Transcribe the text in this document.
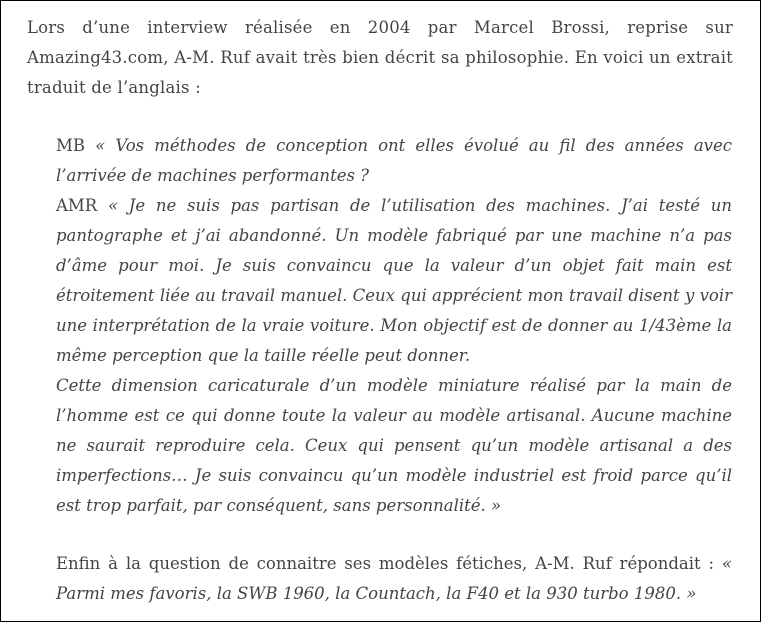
Lors d’une interview réalisée en 2004 par Marcel Brossi, reprise sur Amazing43.com, A-M. Ruf avait très bien décrit sa philosophie. En voici un extrait traduit de l’anglais :

MB « Vos méthodes de conception ont elles évolué au fil des années avec l’arrivée de machines performantes ?

AMR « Je ne suis pas partisan de l’utilisation des machines. J’ai testé un pantographe et j’ai abandonné. Un modèle fabriqué par une machine n’a pas d’âme pour moi. Je suis convaincu que la valeur d’un objet fait main est étroitement liée au travail manuel. Ceux qui apprécient mon travail disent y voir une interprétation de la vraie voiture. Mon objectif est de donner au 1/43ème la même perception que la taille réelle peut donner.

Cette dimension caricaturale d’un modèle miniature réalisé par la main de l’homme est ce qui donne toute la valeur au modèle artisanal. Aucune machine ne saurait reproduire cela. Ceux qui pensent qu’un modèle artisanal a des imperfections… Je suis convaincu qu’un modèle industriel est froid parce qu’il est trop parfait, par conséquent, sans personnalité. »

Enfin à la question de connaitre ses modèles fétiches, A-M. Ruf répondait : « Parmi mes favoris, la SWB 1960, la Countach, la F40 et la 930 turbo 1980. »
